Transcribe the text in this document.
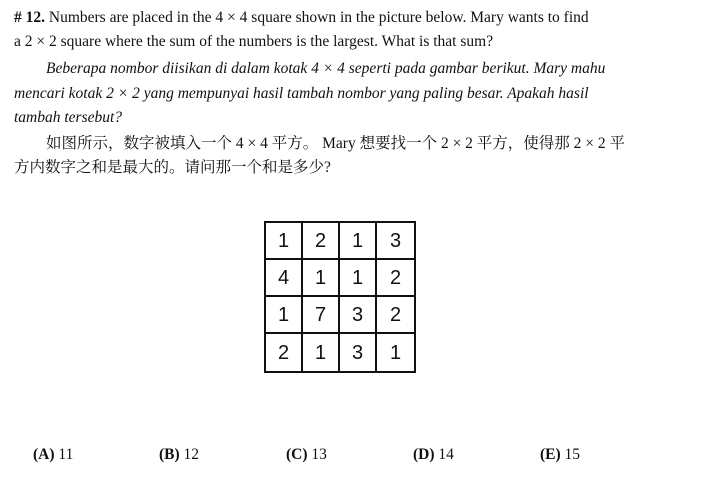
# 12. Numbers are placed in the 4 × 4 square shown in the picture below. Mary wants to find
a 2 × 2 square where the sum of the numbers is the largest. What is that sum?
Beberapa nombor diisikan di dalam kotak 4 × 4 seperti pada gambar berikut. Mary mahu
mencari kotak 2 × 2 yang mempunyai hasil tambah nombor yang paling besar. Apakah hasil
tambah tersebut?
如图所示，数字被填入一个 4 × 4 平方。 Mary 想要找一个 2 × 2 平方，使得那 2 × 2 平
方内数字之和是最大的。请问那一个和是多少?
1	2	1	3
4	1	1	2
1	7	3	2
2	1	3	1
(A) 11	(B) 12	(C) 13	(D) 14	(E) 15
